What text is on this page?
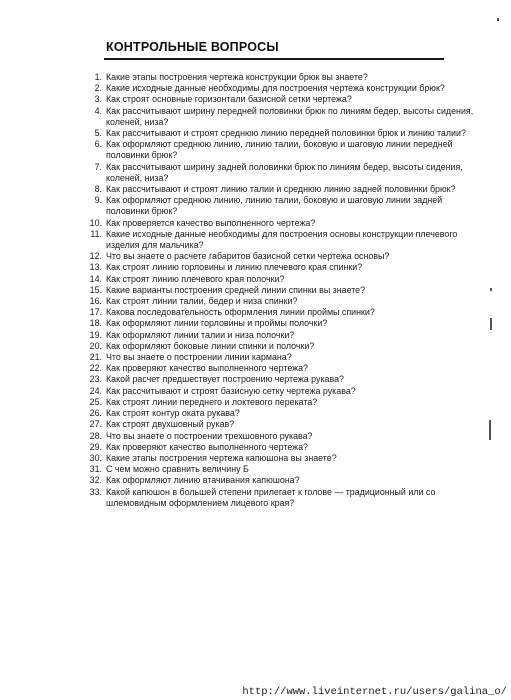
КОНТРОЛЬНЫЕ ВОПРОСЫ
1. Какие этапы построения чертежа конструкции брюк вы знаете?
2. Какие исходные данные необходимы для построения чертежа конструкции брюк?
3. Как строят основные горизонтали базисной сетки чертежа?
4. Как рассчитывают ширину передней половинки брюк по линиям бедер, высоты сидения, коленей, низа?
5. Как рассчитывают и строят среднюю линию передней половинки брюк и линию талии?
6. Как оформляют среднюю линию, линию талии, боковую и шаговую линии передней половинки брюк?
7. Как рассчитывают ширину задней половинки брюк по линиям бедер, высоты сидения, коленей, низа?
8. Как рассчитывают и строят линию талии и среднюю линию задней половинки брюк?
9. Как оформляют среднюю линию, линию талии, боковую и шаговую линии задней половинки брюк?
10. Как проверяется качество выполненного чертежа?
11. Какие исходные данные необходимы для построения основы конструкции плечевого изделия для мальчика?
12. Что вы знаете о расчете габаритов базисной сетки чертежа основы?
13. Как строят линию горловины и линию плечевого края спинки?
14. Как строят линию плечевого края полочки?
15. Какие варианты построения средней линии спинки вы знаете?
16. Как строят линии талии, бедер и низа спинки?
17. Какова последовательность оформления линии проймы спинки?
18. Как оформляют линии горловины и проймы полочки?
19. Как оформляют линии талии и низа полочки?
20. Как оформляют боковые линии спинки и полочки?
21. Что вы знаете о построении линии кармана?
22. Как проверяют качество выполненного чертежа?
23. Какой расчет предшествует построению чертежа рукава?
24. Как рассчитывают и строят базисную сетку чертежа рукава?
25. Как строят линии переднего и локтевого переката?
26. Как строят контур оката рукава?
27. Как строят двухшовный рукав?
28. Что вы знаете о построении трехшовного рукава?
29. Как проверяют качество выполненного чертежа?
30. Какие этапы построения чертежа капюшона вы знаете?
31. С чем можно сравнить величину Б
32. Как оформляют линию втачивания капюшона?
33. Какой капюшон в большей степени прилегает к голове — традиционный или со шлемовидным оформлением лицевого края?
http://www.liveinternet.ru/users/galina_o/
